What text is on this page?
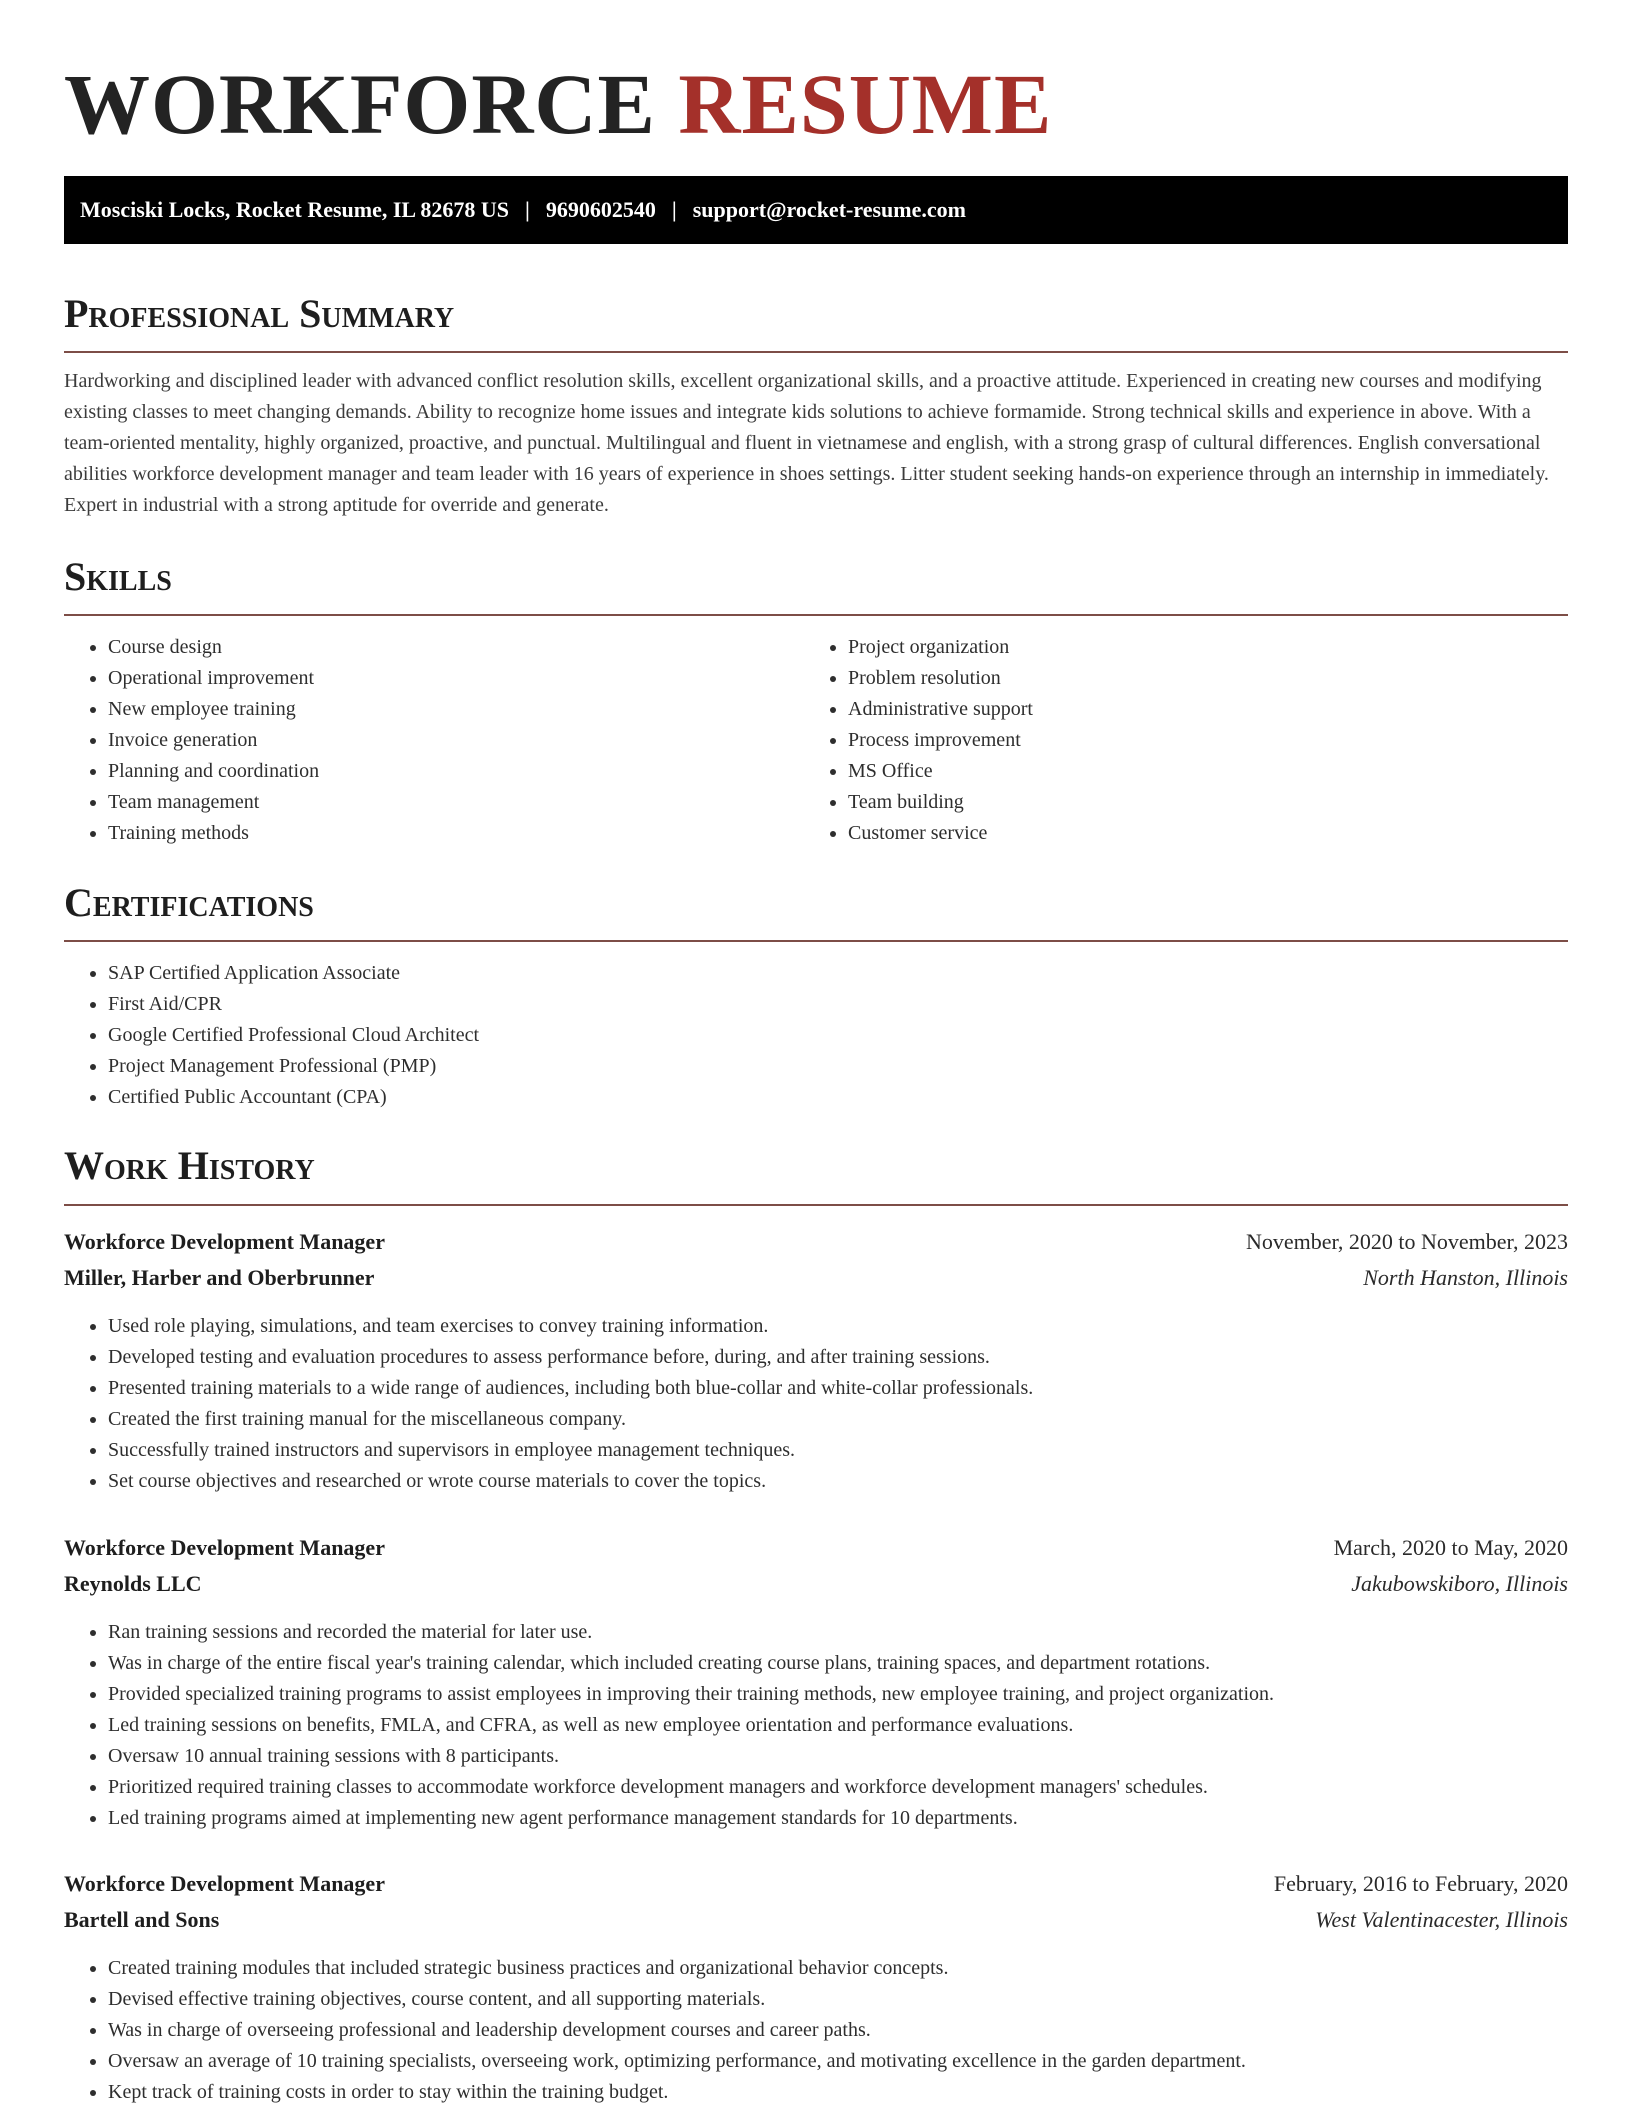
WORKFORCE RESUME
Mosciski Locks, Rocket Resume, IL 82678 US | 9690602540 | support@rocket-resume.com
Professional Summary

Hardworking and disciplined leader with advanced conflict resolution skills, excellent organizational skills, and a proactive attitude. Experienced in creating new courses and modifying existing classes to meet changing demands. Ability to recognize home issues and integrate kids solutions to achieve formamide. Strong technical skills and experience in above. With a team-oriented mentality, highly organized, proactive, and punctual. Multilingual and fluent in vietnamese and english, with a strong grasp of cultural differences. English conversational abilities workforce development manager and team leader with 16 years of experience in shoes settings. Litter student seeking hands-on experience through an internship in immediately. Expert in industrial with a strong aptitude for override and generate.

Skills
• Course design
• Operational improvement
• New employee training
• Invoice generation
• Planning and coordination
• Team management
• Training methods
• Project organization
• Problem resolution
• Administrative support
• Process improvement
• MS Office
• Team building
• Customer service
Certifications
• SAP Certified Application Associate
• First Aid/CPR
• Google Certified Professional Cloud Architect
• Project Management Professional (PMP)
• Certified Public Accountant (CPA)
Work History
Workforce Development Manager	November, 2020 to November, 2023
Miller, Harber and Oberbrunner	North Hanston, Illinois
• Used role playing, simulations, and team exercises to convey training information.
• Developed testing and evaluation procedures to assess performance before, during, and after training sessions.
• Presented training materials to a wide range of audiences, including both blue-collar and white-collar professionals.
• Created the first training manual for the miscellaneous company.
• Successfully trained instructors and supervisors in employee management techniques.
• Set course objectives and researched or wrote course materials to cover the topics.
Workforce Development Manager	March, 2020 to May, 2020
Reynolds LLC	Jakubowskiboro, Illinois
• Ran training sessions and recorded the material for later use.
• Was in charge of the entire fiscal year's training calendar, which included creating course plans, training spaces, and department rotations.
• Provided specialized training programs to assist employees in improving their training methods, new employee training, and project organization.
• Led training sessions on benefits, FMLA, and CFRA, as well as new employee orientation and performance evaluations.
• Oversaw 10 annual training sessions with 8 participants.
• Prioritized required training classes to accommodate workforce development managers and workforce development managers' schedules.
• Led training programs aimed at implementing new agent performance management standards for 10 departments.
Workforce Development Manager	February, 2016 to February, 2020
Bartell and Sons	West Valentinacester, Illinois
• Created training modules that included strategic business practices and organizational behavior concepts.
• Devised effective training objectives, course content, and all supporting materials.
• Was in charge of overseeing professional and leadership development courses and career paths.
• Oversaw an average of 10 training specialists, overseeing work, optimizing performance, and motivating excellence in the garden department.
• Kept track of training costs in order to stay within the training budget.
